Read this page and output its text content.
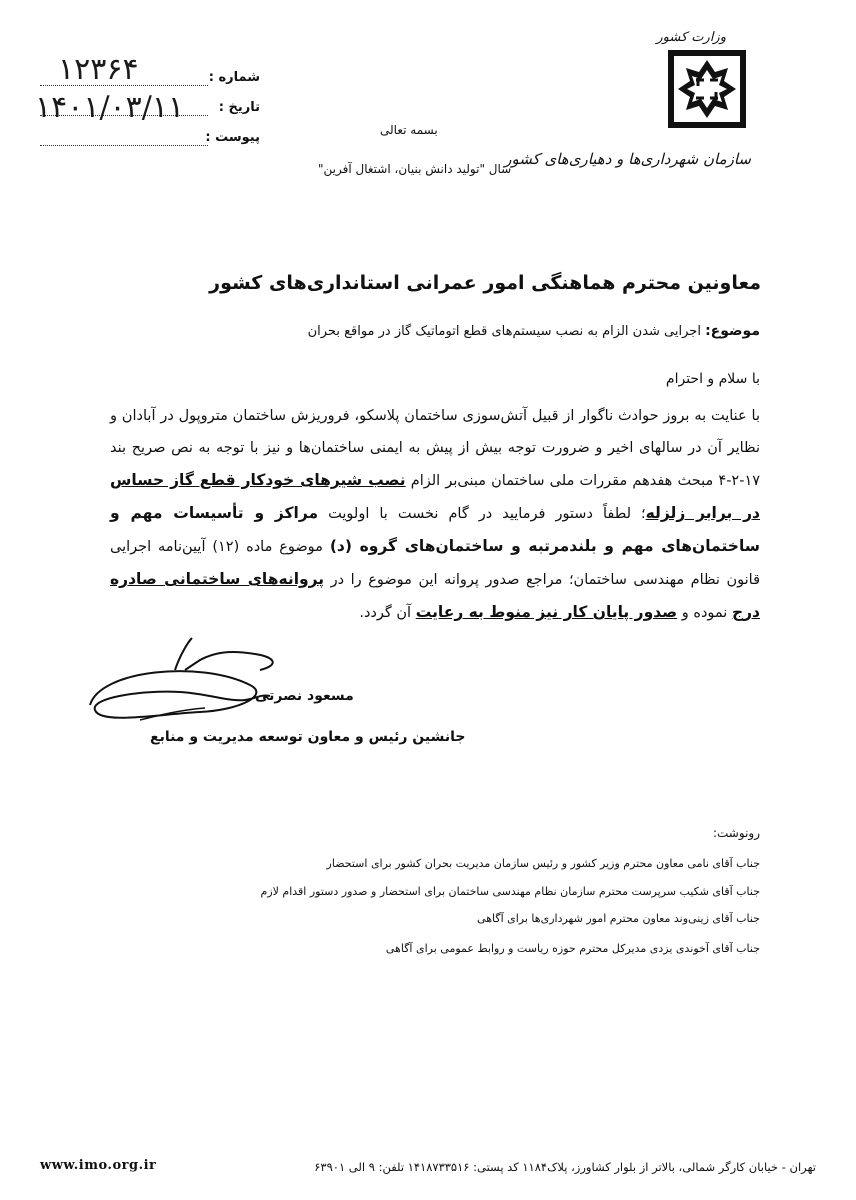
وزارت کشور
سازمان شهرداری‌ها و دهیاری‌های کشور
بسمه تعالی
سال "تولید دانش بنیان، اشتغال آفرین"
شماره :
۱۲۳۶۴
تاریخ :
۱۴۰۱/۰۳/۱۱
پیوست :
معاونین محترم هماهنگی امور عمرانی استانداری‌های کشور
موضوع: اجرایی شدن الزام به نصب سیستم‌های قطع اتوماتیک گاز در مواقع بحران
با سلام و احترام
با عنایت به بروز حوادث ناگوار از قبیل آتش‌سوزی ساختمان پلاسکو، فروریزش ساختمان متروپول در آبادان و نظایر آن در سالهای اخیر و ضرورت توجه بیش از پیش به ایمنی ساختمان‌ها و نیز با توجه به نص صریح بند ۱۷-۲-۴ مبحث هفدهم مقررات ملی ساختمان مبنی‌بر الزام نصب شیرهای خودکار قطع گاز حساس در برابر زلزله؛ لطفاً دستور فرمایید در گام نخست با اولویت مراکز و تأسیسات مهم و ساختمان‌های مهم و بلندمرتبه و ساختمان‌های گروه (د) موضوع ماده (۱۲) آیین‌نامه اجرایی قانون نظام مهندسی ساختمان؛ مراجع صدور پروانه این موضوع را در پروانه‌های ساختمانی صادره درج نموده و صدور پایان کار نیز منوط به رعایت آن گردد.
مسعود نصرتی
جانشین رئیس و معاون توسعه مدیریت و منابع
رونوشت:
جناب آقای نامی معاون محترم وزیر کشور و رئیس سازمان مدیریت بحران کشور برای استحضار
جناب آقای شکیب سرپرست محترم سازمان نظام مهندسی ساختمان برای استحضار و صدور دستور اقدام لازم
جناب آقای زینی‌وند معاون محترم امور شهرداری‌ها برای آگاهی
جناب آقای آخوندی یزدی مدیرکل محترم حوزه ریاست و روابط عمومی برای آگاهی
www.imo.org.ir	تهران - خیابان کارگر شمالی، بالاتر از بلوار کشاورز، پلاک۱۱۸۴ کد پستی: ۱۴۱۸۷۳۳۵۱۶ تلفن: ۹ الی ۶۳۹۰۱
